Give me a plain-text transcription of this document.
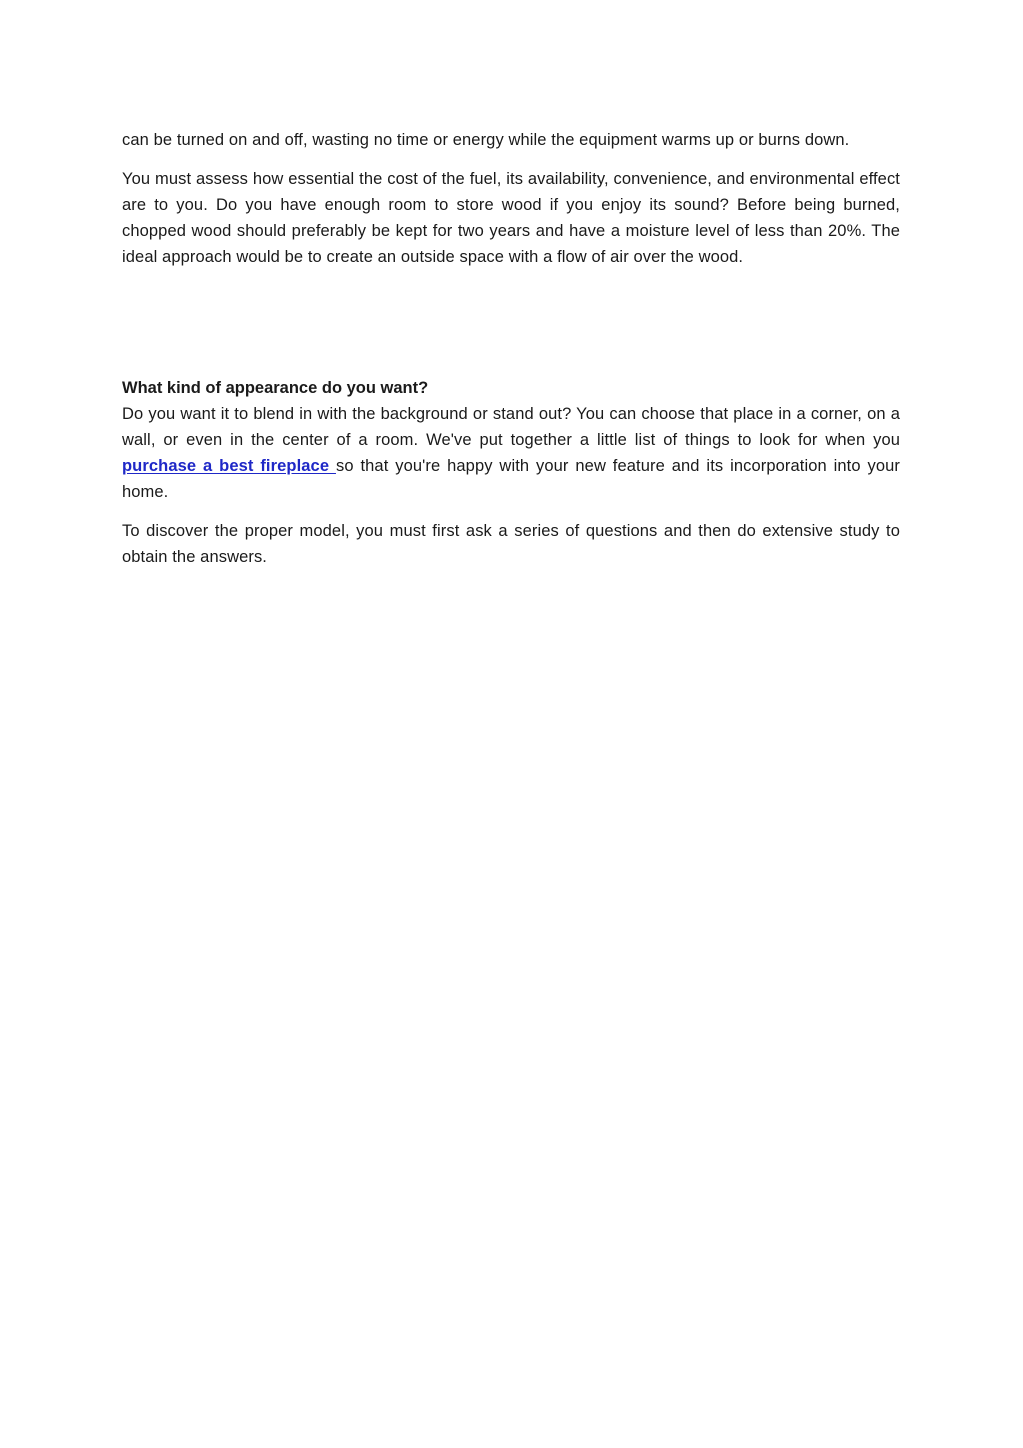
can be turned on and off, wasting no time or energy while the equipment warms up or burns down.

You must assess how essential the cost of the fuel, its availability, convenience, and environmental effect are to you. Do you have enough room to store wood if you enjoy its sound? Before being burned, chopped wood should preferably be kept for two years and have a moisture level of less than 20%. The ideal approach would be to create an outside space with a flow of air over the wood.

What kind of appearance do you want?

Do you want it to blend in with the background or stand out? You can choose that place in a corner, on a wall, or even in the center of a room. We've put together a little list of things to look for when you purchase a best fireplace so that you're happy with your new feature and its incorporation into your home.

To discover the proper model, you must first ask a series of questions and then do extensive study to obtain the answers.
